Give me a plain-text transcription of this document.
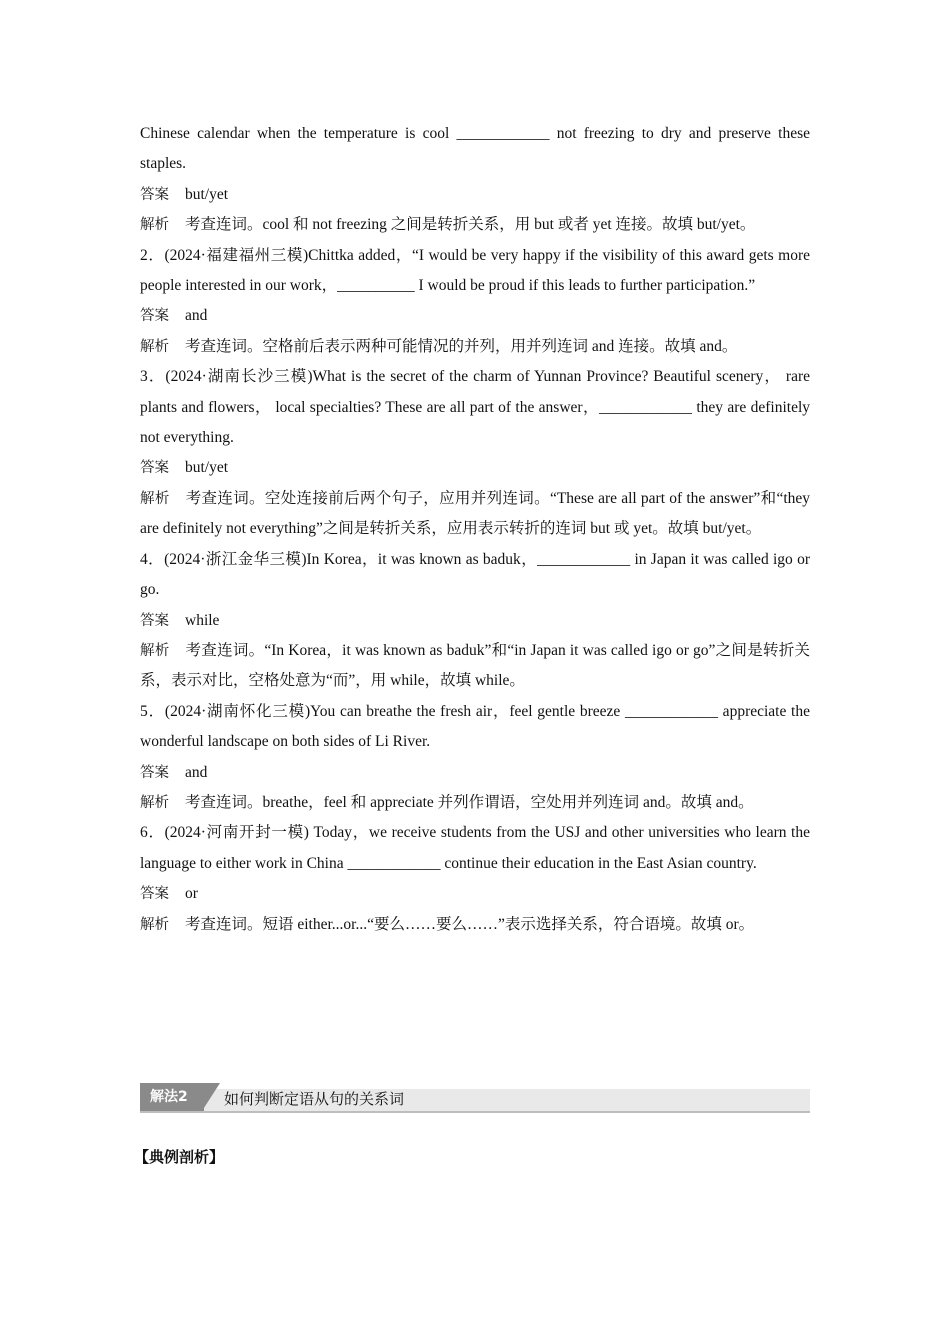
Chinese calendar when the temperature is cool ____________ not freezing to dry and preserve these staples.

答案 but/yet

解析 考查连词。cool 和 not freezing 之间是转折关系，用 but 或者 yet 连接。故填 but/yet。

2．(2024·福建福州三模)Chittka added，“I would be very happy if the visibility of this award gets more people interested in our work，__________ I would be proud if this leads to further participation.”

答案 and

解析 考查连词。空格前后表示两种可能情况的并列，用并列连词 and 连接。故填 and。

3．(2024·湖南长沙三模)What is the secret of the charm of Yunnan Province? Beautiful scenery， rare plants and flowers， local specialties? These are all part of the answer，____________ they are definitely not everything.

答案 but/yet

解析 考查连词。空处连接前后两个句子，应用并列连词。“These are all part of the answer”和“they are definitely not everything”之间是转折关系，应用表示转折的连词 but 或 yet。故填 but/yet。

4．(2024·浙江金华三模)In Korea，it was known as baduk，____________ in Japan it was called igo or go.

答案 while

解析 考查连词。“In Korea，it was known as baduk”和“in Japan it was called igo or go”之间是转折关系，表示对比，空格处意为“而”，用 while，故填 while。

5．(2024·湖南怀化三模)You can breathe the fresh air，feel gentle breeze ____________ appreciate the wonderful landscape on both sides of Li River.

答案 and

解析 考查连词。breathe，feel 和 appreciate 并列作谓语，空处用并列连词 and。故填 and。

6．(2024·河南开封一模) Today，we receive students from the USJ and other universities who learn the language to either work in China ____________ continue their education in the East Asian country.

答案 or

解析 考查连词。短语 either...or...“要么……要么……”表示选择关系，符合语境。故填 or。

解法2	如何判断定语从句的关系词
【典例剖析】
